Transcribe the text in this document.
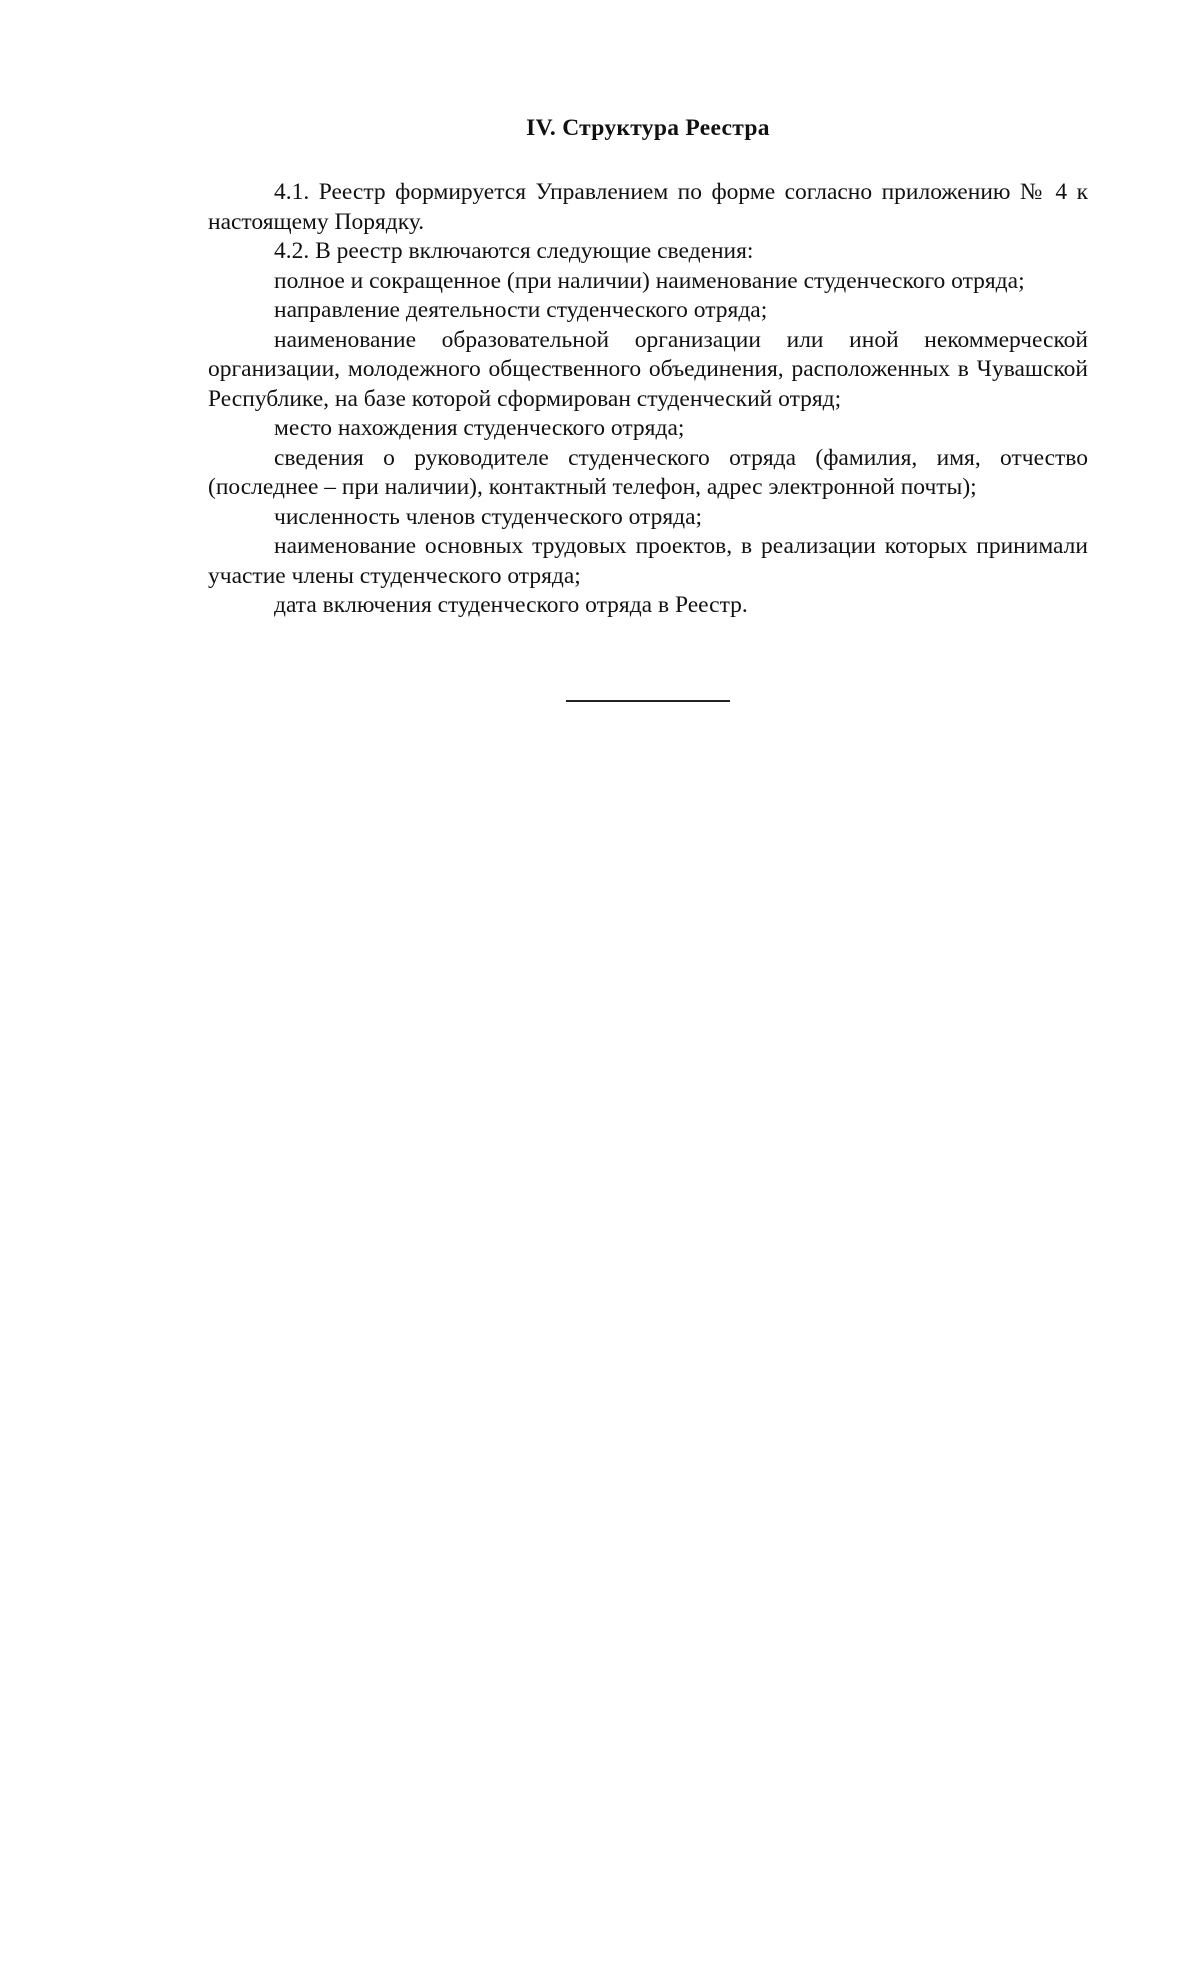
IV. Структура Реестра

4.1. Реестр формируется Управлением по форме согласно приложению № 4 к настоящему Порядку.

4.2. В реестр включаются следующие сведения:

полное и сокращенное (при наличии) наименование студенческого отряда;

направление деятельности студенческого отряда;

наименование образовательной организации или иной некоммерческой организации, молодежного общественного объединения, расположенных в Чувашской Республике, на базе которой сформирован студенческий отряд;

место нахождения студенческого отряда;

сведения о руководителе студенческого отряда (фамилия, имя, отчество (последнее – при наличии), контактный телефон, адрес электронной почты);

численность членов студенческого отряда;

наименование основных трудовых проектов, в реализации которых принимали участие члены студенческого отряда;

дата включения студенческого отряда в Реестр.
